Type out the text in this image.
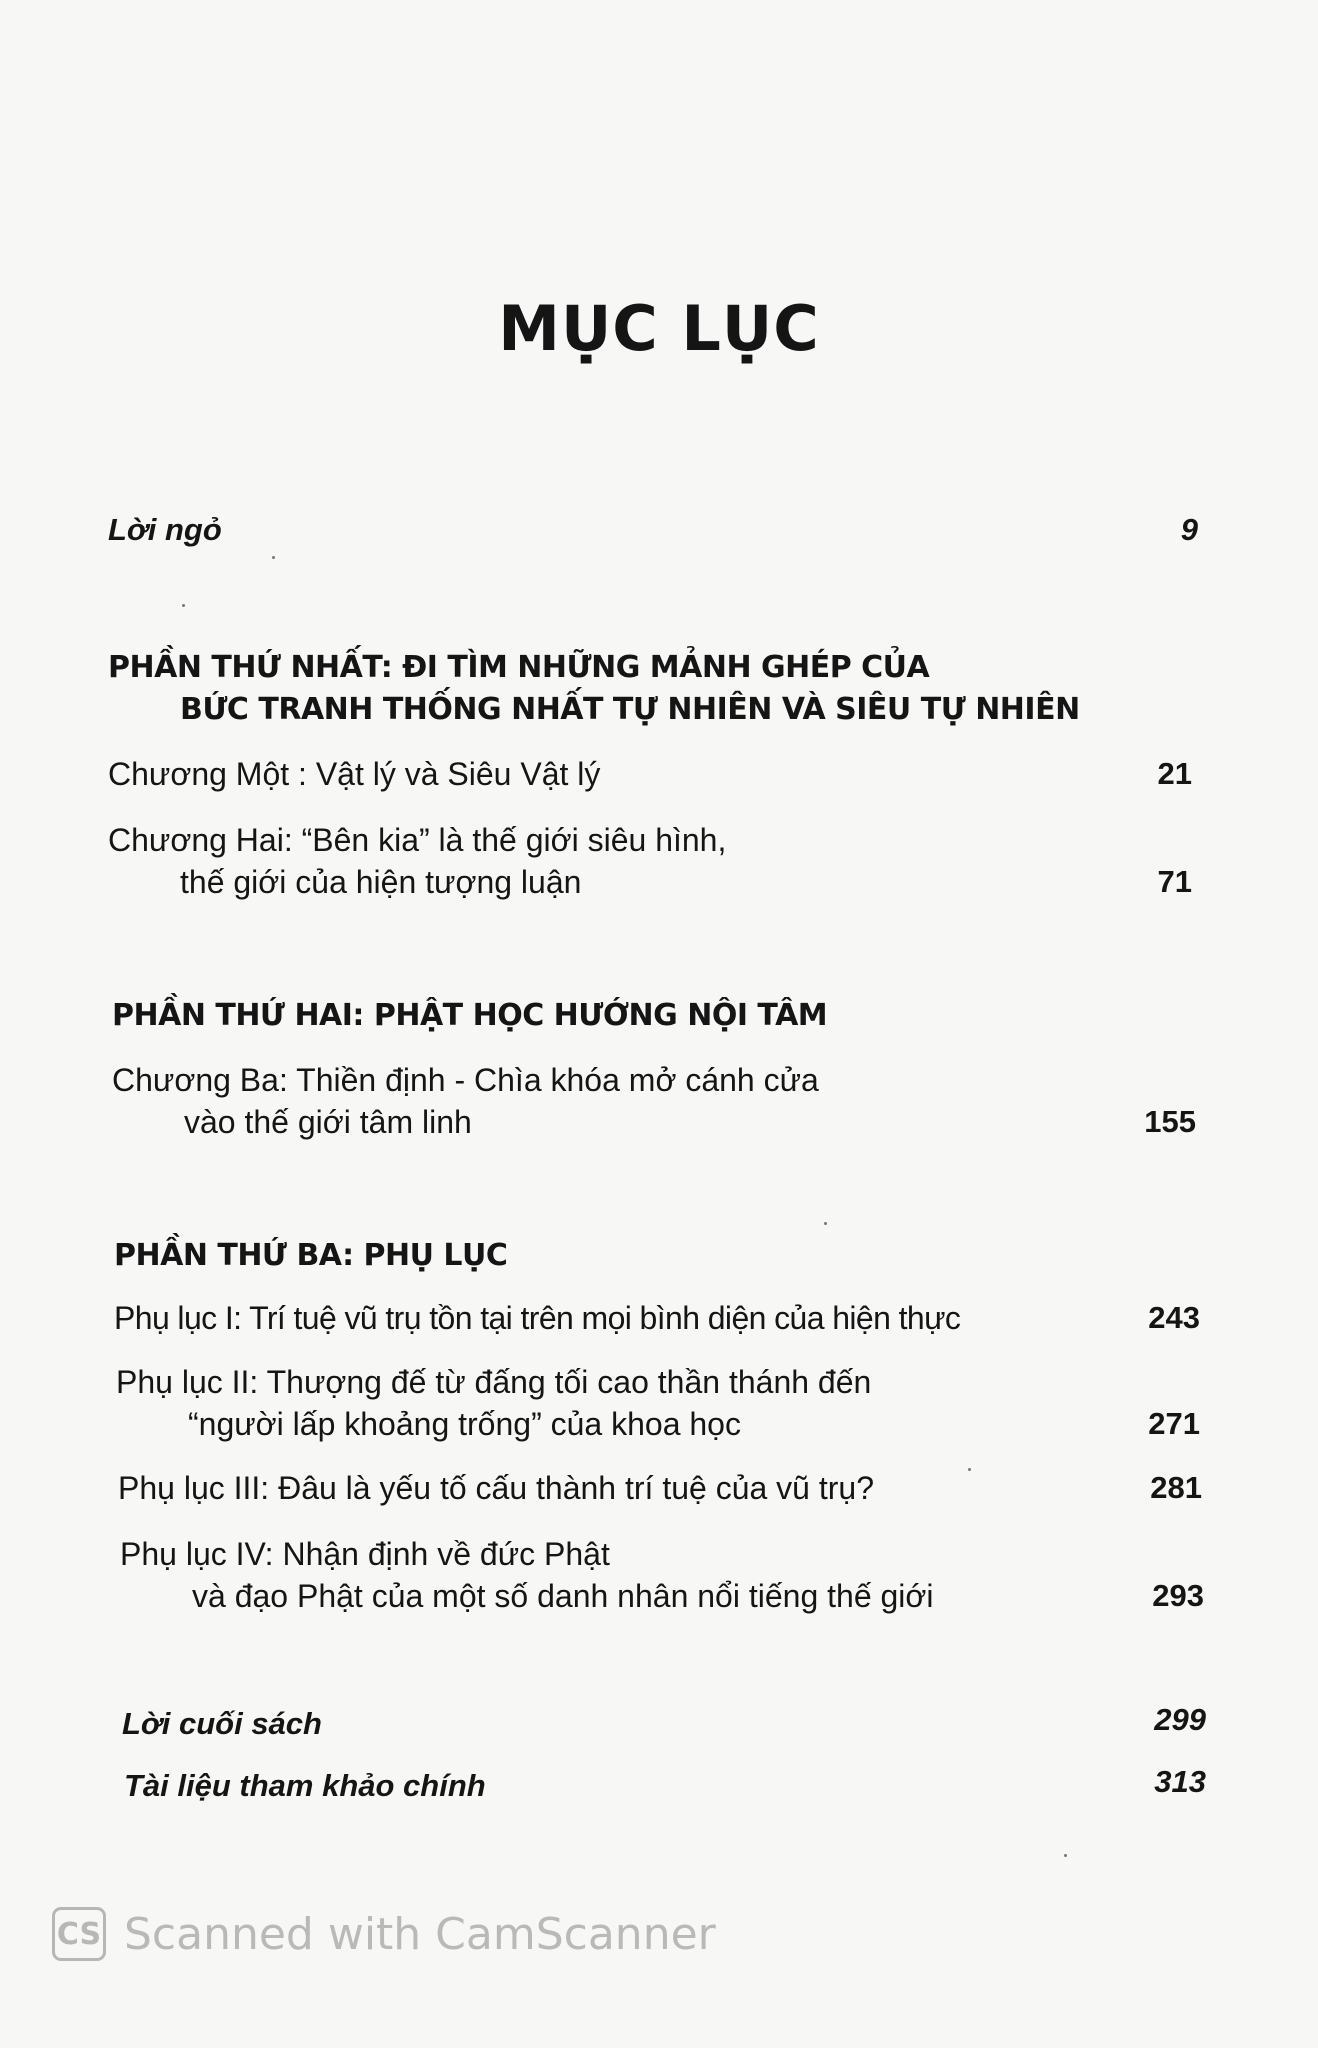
MỤC LỤC
Lời ngỏ	9
PHẦN THỨ NHẤT: ĐI TÌM NHỮNG MẢNH GHÉP CỦA
BỨC TRANH THỐNG NHẤT TỰ NHIÊN VÀ SIÊU TỰ NHIÊN
Chương Một : Vật lý và Siêu Vật lý	21
Chương Hai: “Bên kia” là thế giới siêu hình,
thế giới của hiện tượng luận	71
PHẦN THỨ HAI: PHẬT HỌC HƯỚNG NỘI TÂM
Chương Ba: Thiền định - Chìa khóa mở cánh cửa
vào thế giới tâm linh	155
PHẦN THỨ BA: PHỤ LỤC
Phụ lục I: Trí tuệ vũ trụ tồn tại trên mọi bình diện của hiện thực	243
Phụ lục II: Thượng đế từ đấng tối cao thần thánh đến
“người lấp khoảng trống” của khoa học	271
Phụ lục III: Đâu là yếu tố cấu thành trí tuệ của vũ trụ?	281
Phụ lục IV: Nhận định về đức Phật
và đạo Phật của một số danh nhân nổi tiếng thế giới	293
Lời cuối sách	299
Tài liệu tham khảo chính	313
CS Scanned with CamScanner
